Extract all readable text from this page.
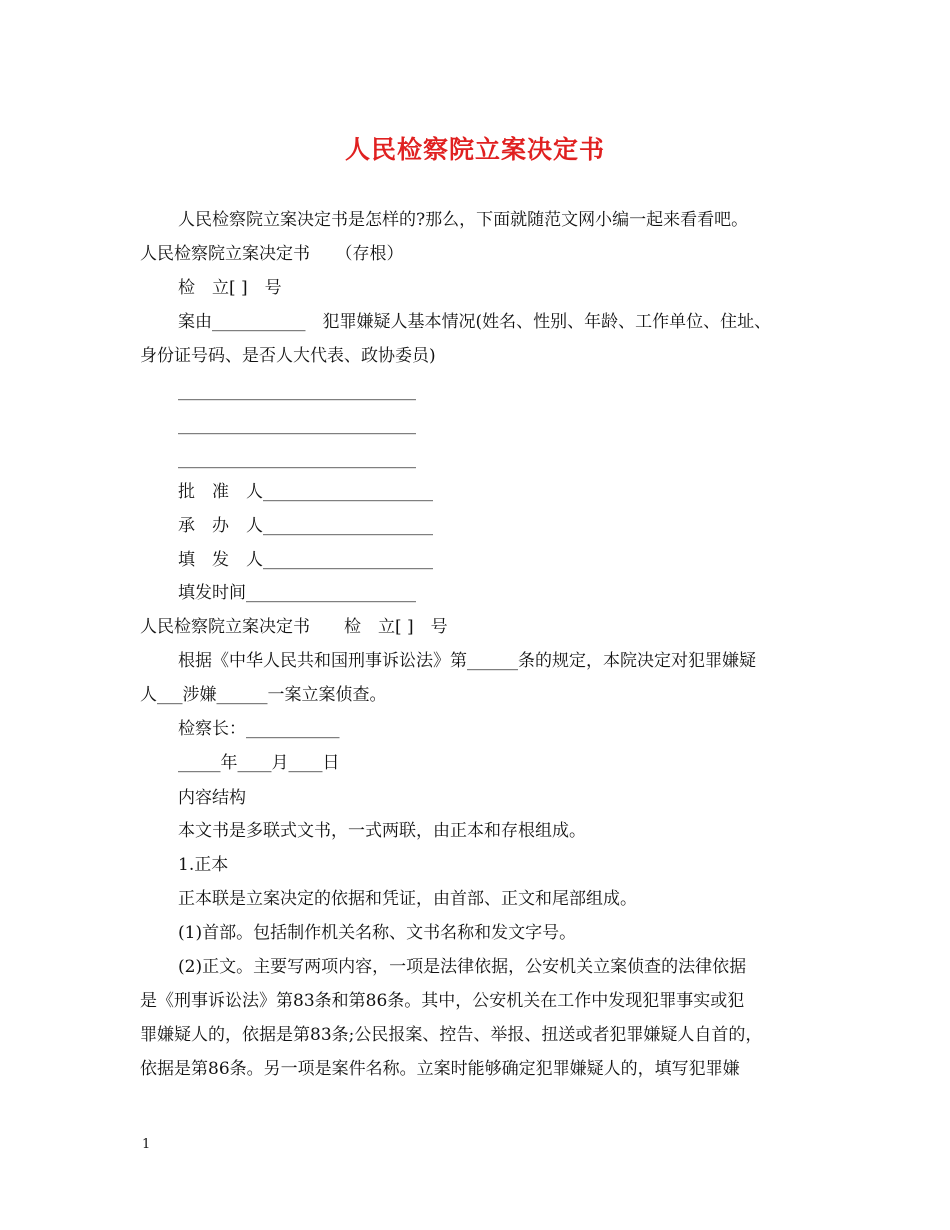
人民检察院立案决定书
人民检察院立案决定书是怎样的?那么，下面就随范文网小编一起来看看吧。
人民检察院立案决定书　　（存根）
检　立[ ]　号
案由___________　犯罪嫌疑人基本情况(姓名、性别、年龄、工作单位、住址、
身份证号码、是否人大代表、政协委员)
____________________________
____________________________
____________________________
批　准　人____________________
承　办　人____________________
填　发　人____________________
填发时间____________________
人民检察院立案决定书　　检　立[ ]　号
根据《中华人民共和国刑事诉讼法》第______条的规定，本院决定对犯罪嫌疑
人___涉嫌______一案立案侦查。
检察长：___________
_____年____月____日
内容结构
本文书是多联式文书，一式两联，由正本和存根组成。
1.正本
正本联是立案决定的依据和凭证，由首部、正文和尾部组成。
(1)首部。包括制作机关名称、文书名称和发文字号。
(2)正文。主要写两项内容，一项是法律依据，公安机关立案侦查的法律依据
是《刑事诉讼法》第83条和第86条。其中，公安机关在工作中发现犯罪事实或犯
罪嫌疑人的，依据是第83条;公民报案、控告、举报、扭送或者犯罪嫌疑人自首的，
依据是第86条。另一项是案件名称。立案时能够确定犯罪嫌疑人的，填写犯罪嫌
1
